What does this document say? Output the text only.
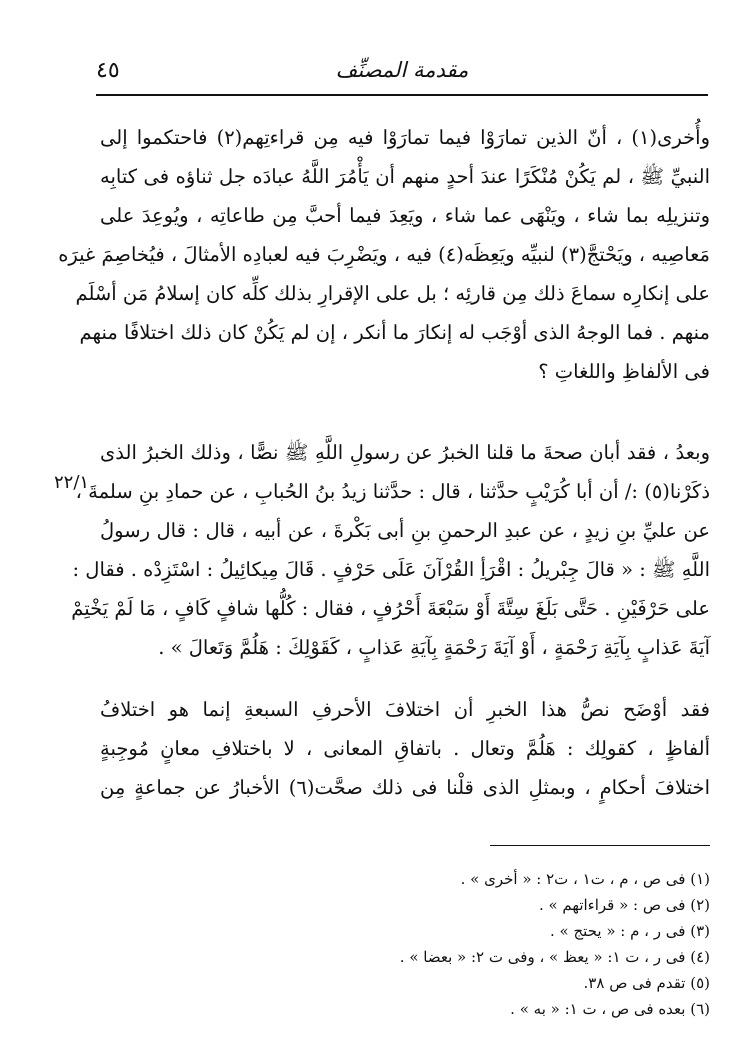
٤٥	مقدمة المصنِّف
وأُخرى(١) ، أنّ الذين تمارَوْا فيما تمارَوْا فيه مِن قراءتِهم(٢) فاحتكموا إلى
النبيِّ ﷺ ، لم يَكُنْ مُنْكَرًا عندَ أحدٍ منهم أن يَأْمُرَ اللَّهُ عبادَه جل ثناؤه فى كتابِه
وتنزيلِه بما شاء ، ويَنْهَى عما شاء ، ويَعِدَ فيما أحبَّ مِن طاعاتِه ، ويُوعِدَ على
مَعاصِيه ، ويَحْتجَّ(٣) لنبيِّه ويَعِظَه(٤) فيه ، ويَضْرِبَ فيه لعبادِه الأمثالَ ، فيُخاصِمَ غيرَه
على إنكارِه سماعَ ذلك مِن قارئِه ؛ بل على الإقرارِ بذلك كلِّه كان إسلامُ مَن أسْلَم
منهم . فما الوجهُ الذى أوْجَب له إنكارَ ما أنكر ، إن لم يَكُنْ كان ذلك اختلافًا منهم
فى الألفاظِ واللغاتِ ؟
٢٢/١
وبعدُ ، فقد أبان صحةَ ما قلنا الخبرُ عن رسولِ اللَّهِ ﷺ نصًّا ، وذلك الخبرُ الذى
ذكَرْنا(٥) :/ أن أبا كُرَيْبٍ حدَّثنا ، قال : حدَّثنا زيدُ بنُ الحُبابِ ، عن حمادِ بنِ سلمةَ ،
عن عليِّ بنِ زيدٍ ، عن عبدِ الرحمنِ بنِ أبى بَكْرةَ ، عن أبيه ، قال : قال رسولُ
اللَّهِ ﷺ : « قالَ جِبْريلُ : اقْرَأِ القُرْآنَ عَلَى حَرْفٍ . قَالَ مِيكائِيلُ : اسْتَزِدْه . فقال :
على حَرْفَيْنِ . حَتَّى بَلَغَ سِتَّةَ أَوْ سَبْعَةَ أَحْرُفٍ ، فقال : كُلُّها شافٍ كَافٍ ، مَا لَمْ يَخْتِمْ
آيَةَ عَذابٍ بِآيَةِ رَحْمَةٍ ، أَوْ آيَةَ رَحْمَةٍ بِآيَةِ عَذابٍ ، كَقَوْلِكَ : هَلُمَّ وَتَعالَ » .
فقد أوْضَح نصُّ هذا الخبرِ أن اختلافَ الأحرفِ السبعةِ إنما هو اختلافُ
ألفاظٍ ، كقولِك : هَلُمَّ وتعال . باتفاقِ المعانى ، لا باختلافِ معانٍ مُوجِبةٍ
اختلافَ أحكامٍ ، وبمثلِ الذى قلْنا فى ذلك صحَّت(٦) الأخبارُ عن جماعةٍ مِن
(١) فى ص ، م ، ت١ ، ت٢ : « أخرى » .
(٢) فى ص : « قراءاتهم » .
(٣) فى ر ، م : « يحتج » .
(٤) فى ر ، ت ١: « يعظ » ، وفى ت ٢: « بعضا » .
(٥) تقدم فى ص ٣٨.
(٦) بعده فى ص ، ت ١: « به » .
